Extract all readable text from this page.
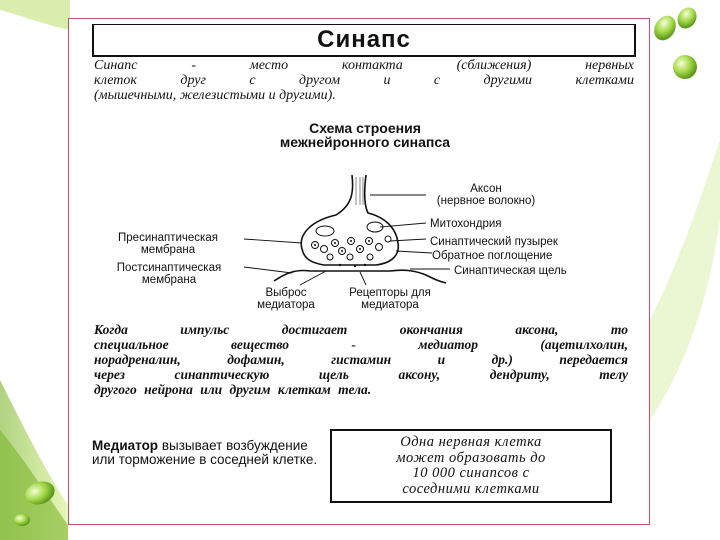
Синапс
Синапс - место контакта (сближения) нервных
клеток друг с другом и с другими клетками
(мышечными, железистыми и другими).
Схема строения
межнейронного синапса
Аксон
(нервное волокно)
Митохондрия
Пресинаптическая
мембрана
Синаптический пузырек
Обратное поглощение
Постсинаптическая
мембрана
Синаптическая щель
Выброс
медиатора
Рецепторы для
медиатора
Когда импульс достигает окончания аксона, то
специальное вещество - медиатор (ацетилхолин,
норадреналин, дофамин, гистамин и др.) передается
через синаптическую щель аксону, дендриту, телу
другого нейрона или другим клеткам тела.
Медиатор вызывает возбуждение или торможение в соседней клетке.
Одна нервная клетка
может образовать до
10 000 синапсов с
соседними клетками
